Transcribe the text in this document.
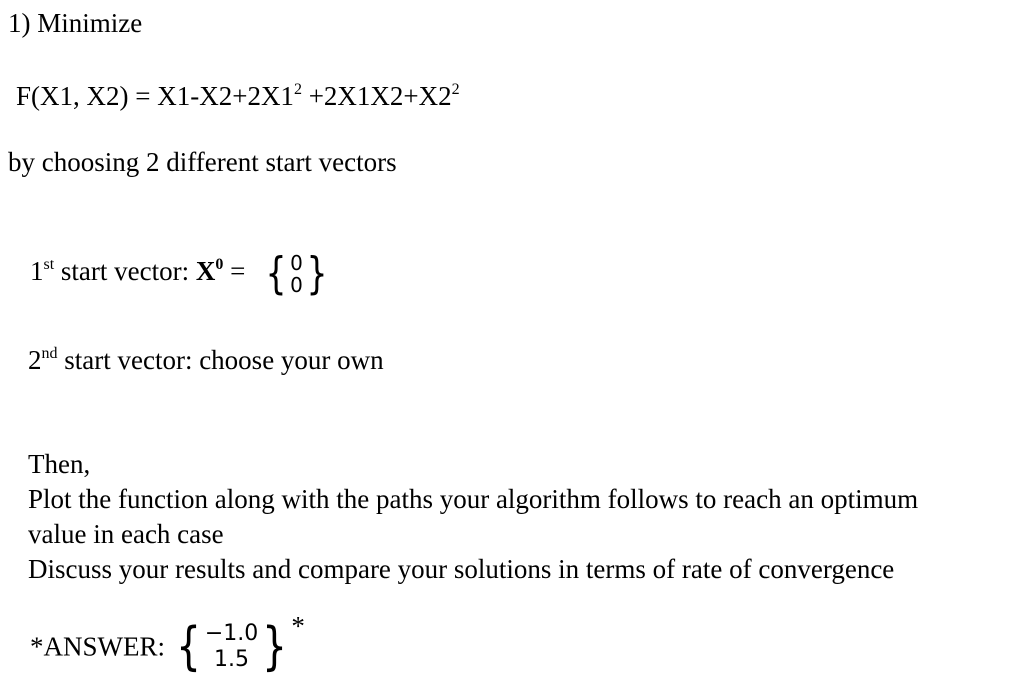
1) Minimize
F(X1, $X2) = X1-X2+2X1^2 +2X1X2+X2^2$
by choosing 2 different start vectors
1st start vector: $X^0$ = { 0
0 }
2nd start vector: choose your own
Then,
Plot the function along with the paths your algorithm follows to reach an optimum
value in each case
Discuss your results and compare your solutions in terms of rate of convergence
*ANSWER: { −1.0
1.5 } *
